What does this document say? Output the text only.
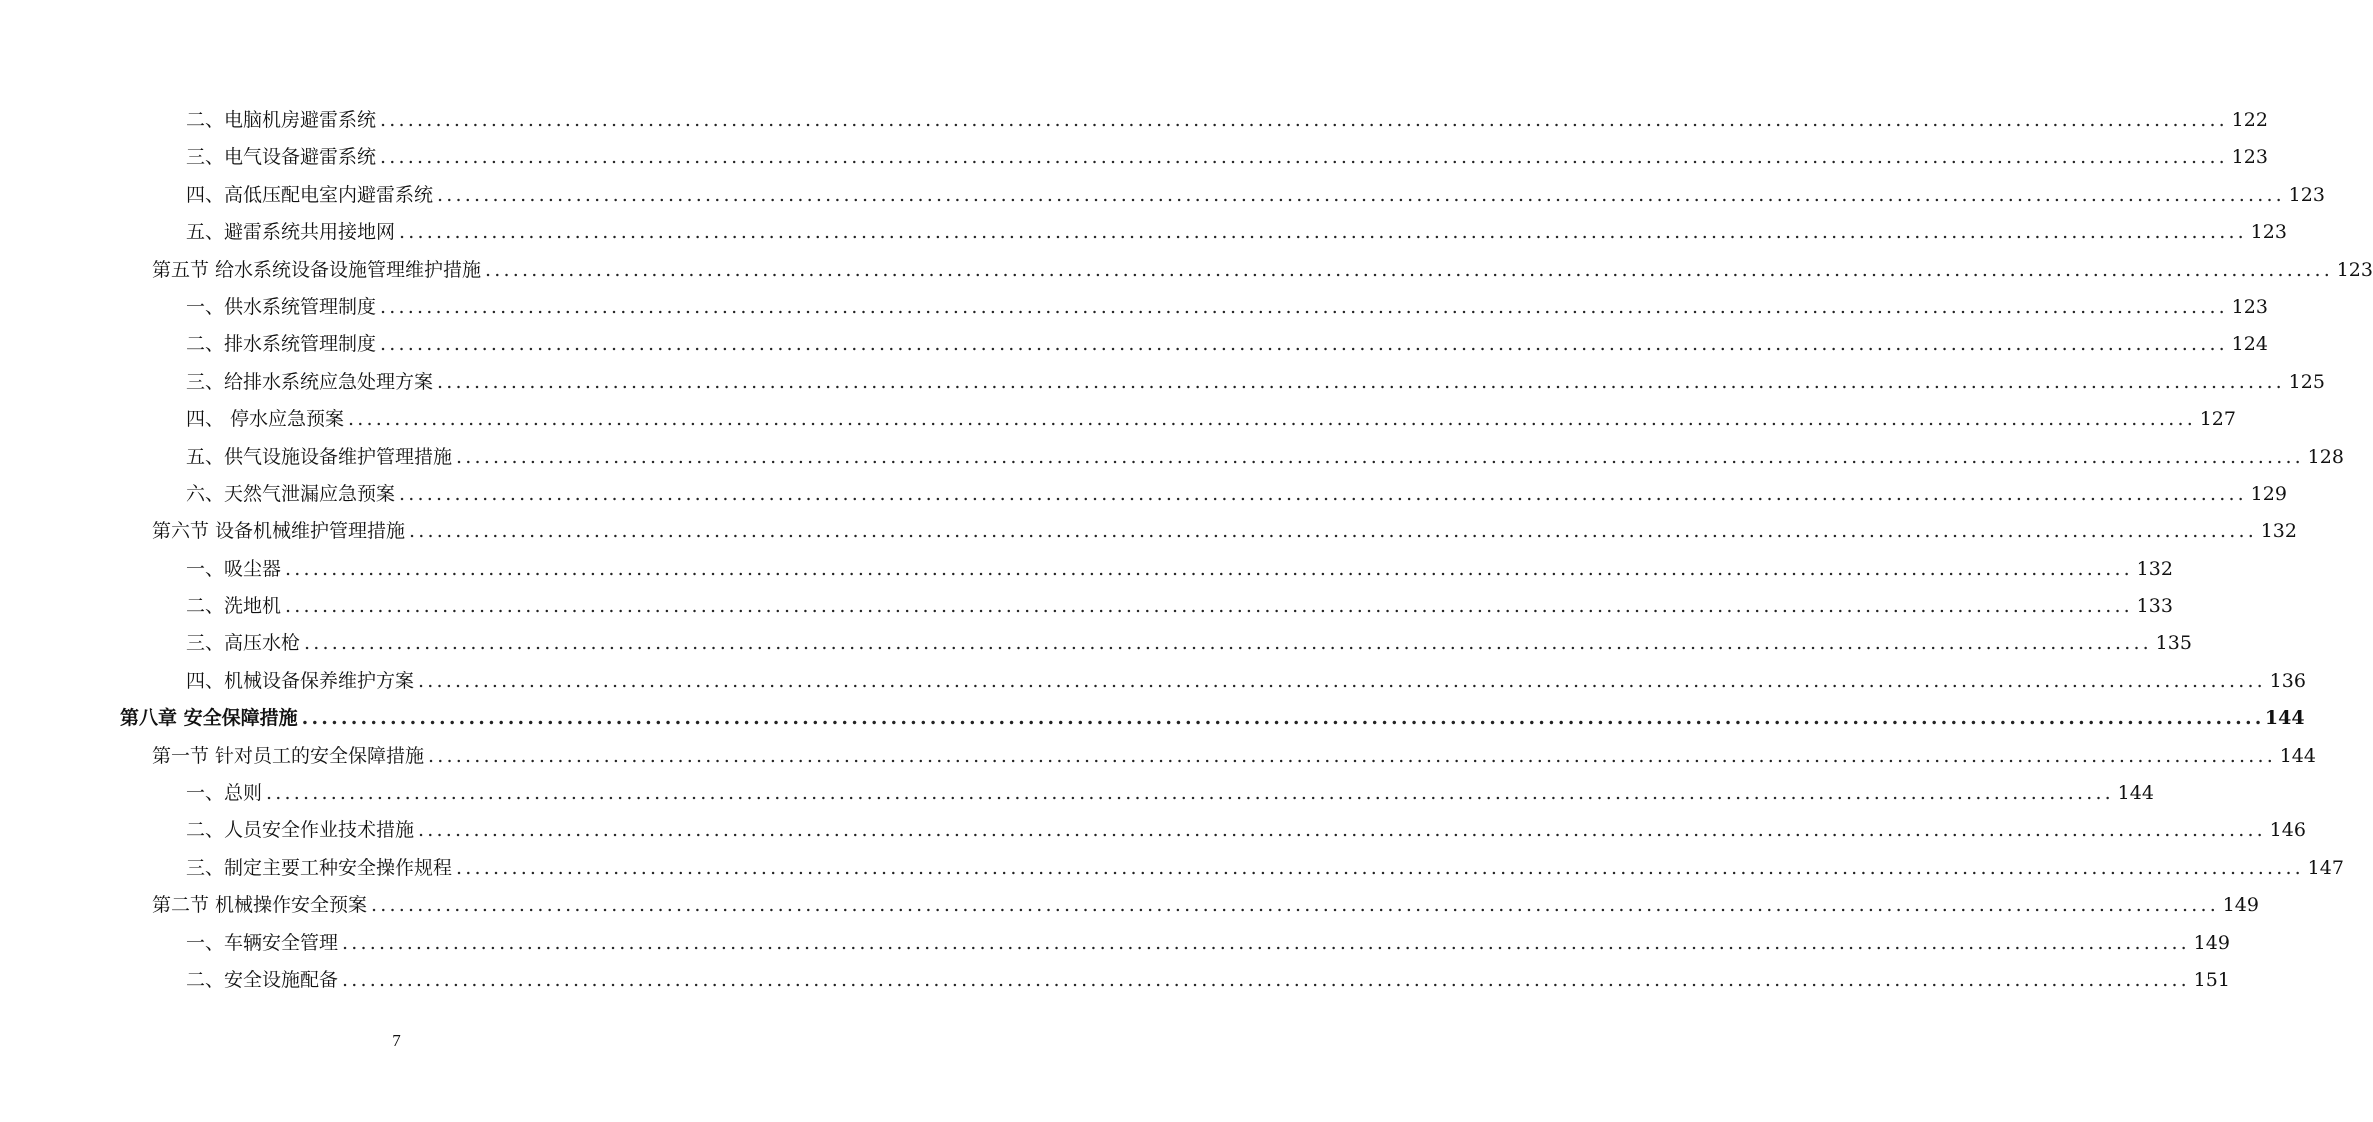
二、电脑机房避雷系统 ........................................................................................................................................................................................................ 122
三、电气设备避雷系统 ........................................................................................................................................................................................................ 123
四、高低压配电室内避雷系统 ........................................................................................................................................................................................................ 123
五、避雷系统共用接地网 ........................................................................................................................................................................................................ 123
第五节 给水系统设备设施管理维护措施 ........................................................................................................................................................................................................ 123
一、供水系统管理制度 ........................................................................................................................................................................................................ 123
二、排水系统管理制度 ........................................................................................................................................................................................................ 124
三、给排水系统应急处理方案 ........................................................................................................................................................................................................ 125
四、 停水应急预案 ........................................................................................................................................................................................................ 127
五、供气设施设备维护管理措施 ........................................................................................................................................................................................................ 128
六、天然气泄漏应急预案 ........................................................................................................................................................................................................ 129
第六节 设备机械维护管理措施 ........................................................................................................................................................................................................ 132
一、吸尘器 ........................................................................................................................................................................................................ 132
二、洗地机 ........................................................................................................................................................................................................ 133
三、高压水枪 ........................................................................................................................................................................................................ 135
四、机械设备保养维护方案 ........................................................................................................................................................................................................ 136
第八章 安全保障措施 ........................................................................................................................................................................................................ 144
第一节 针对员工的安全保障措施 ........................................................................................................................................................................................................ 144
一、总则 ........................................................................................................................................................................................................ 144
二、人员安全作业技术措施 ........................................................................................................................................................................................................ 146
三、制定主要工种安全操作规程 ........................................................................................................................................................................................................ 147
第二节 机械操作安全预案 ........................................................................................................................................................................................................ 149
一、车辆安全管理 ........................................................................................................................................................................................................ 149
二、安全设施配备 ........................................................................................................................................................................................................ 151
7
